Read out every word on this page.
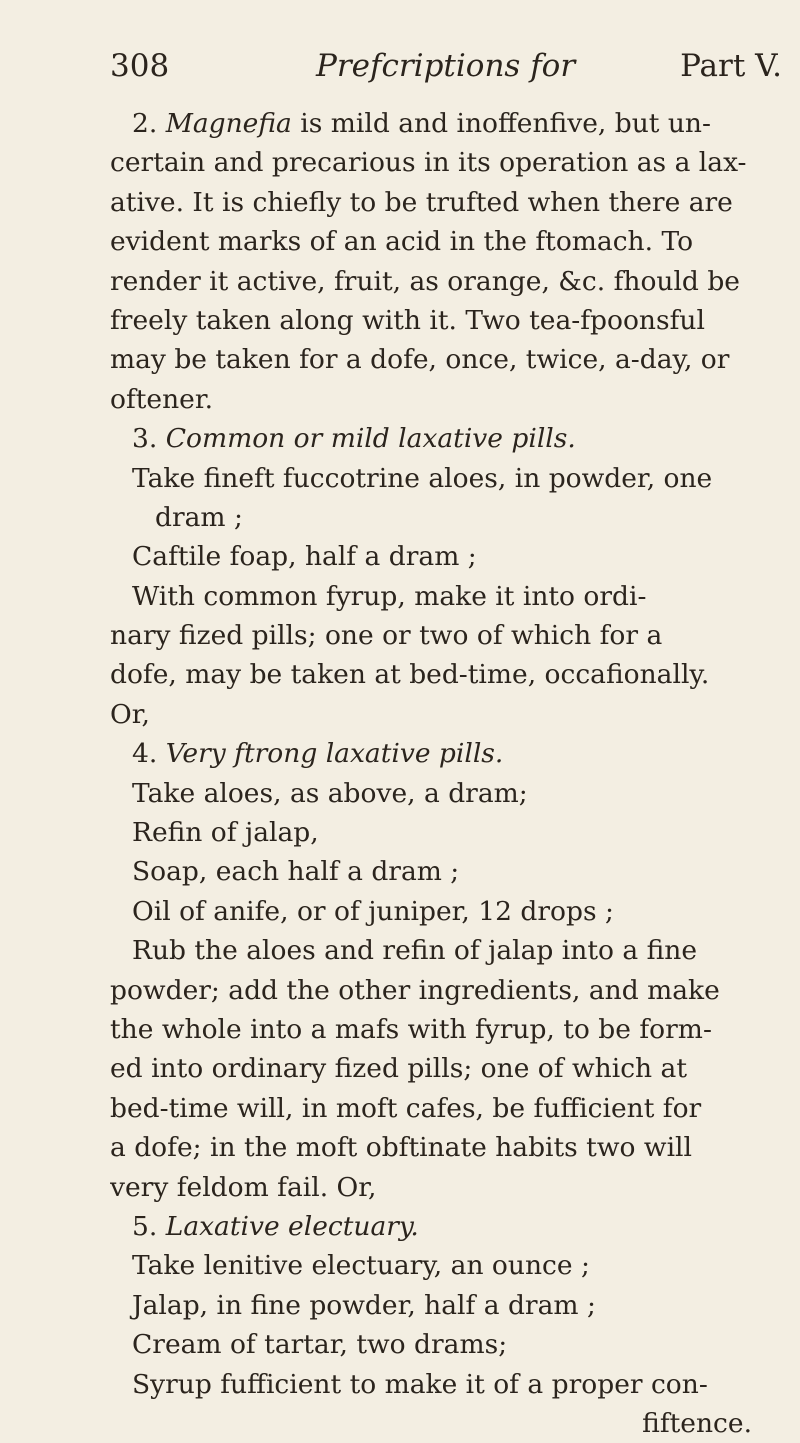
308	Prefcriptions for	Part V.
2. Magnefia is mild and inoffenfive, but un-
certain and precarious in its operation as a lax-
ative. It is chiefly to be trufted when there are
evident marks of an acid in the ftomach. To
render it active, fruit, as orange, &c. fhould be
freely taken along with it. Two tea-fpoonsful
may be taken for a dofe, once, twice, a-day, or
oftener.
3. Common or mild laxative pills.
Take fineft fuccotrine aloes, in powder, one
dram ;
Caftile foap, half a dram ;
With common fyrup, make it into ordi-
nary fized pills; one or two of which for a
dofe, may be taken at bed-time, occafionally.
Or,
4. Very ftrong laxative pills.
Take aloes, as above, a dram;
Refin of jalap,
Soap, each half a dram ;
Oil of anife, or of juniper, 12 drops ;
Rub the aloes and refin of jalap into a fine
powder; add the other ingredients, and make
the whole into a mafs with fyrup, to be form-
ed into ordinary fized pills; one of which at
bed-time will, in moft cafes, be fufficient for
a dofe; in the moft obftinate habits two will
very feldom fail. Or,
5. Laxative electuary.
Take lenitive electuary, an ounce ;
Jalap, in fine powder, half a dram ;
Cream of tartar, two drams;
Syrup fufficient to make it of a proper con-
fiftence.
